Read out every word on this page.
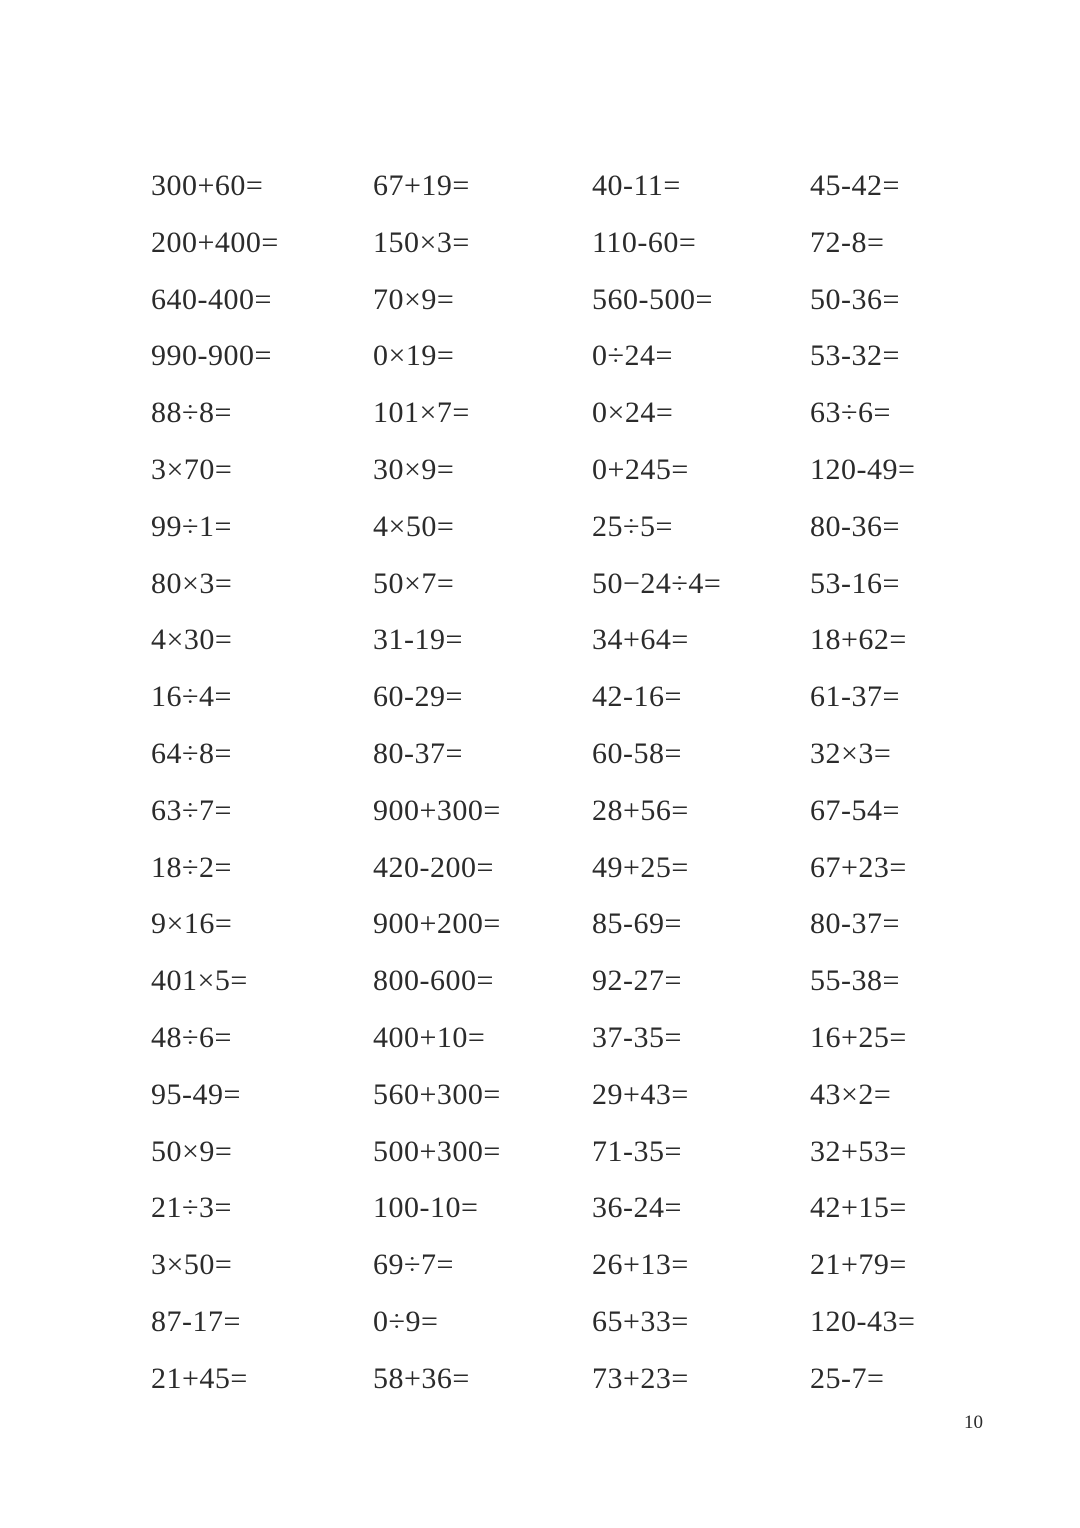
300+60=	67+19=	40-11=	45-42=
200+400=	150×3=	110-60=	72-8=
640-400=	70×9=	560-500=	50-36=
990-900=	0×19=	0÷24=	53-32=
88÷8=	101×7=	0×24=	63÷6=
3×70=	30×9=	0+245=	120-49=
99÷1=	4×50=	25÷5=	80-36=
80×3=	50×7=	50−24÷4=	53-16=
4×30=	31-19=	34+64=	18+62=
16÷4=	60-29=	42-16=	61-37=
64÷8=	80-37=	60-58=	32×3=
63÷7=	900+300=	28+56=	67-54=
18÷2=	420-200=	49+25=	67+23=
9×16=	900+200=	85-69=	80-37=
401×5=	800-600=	92-27=	55-38=
48÷6=	400+10=	37-35=	16+25=
95-49=	560+300=	29+43=	43×2=
50×9=	500+300=	71-35=	32+53=
21÷3=	100-10=	36-24=	42+15=
3×50=	69÷7=	26+13=	21+79=
87-17=	0÷9=	65+33=	120-43=
21+45=	58+36=	73+23=	25-7=
10
